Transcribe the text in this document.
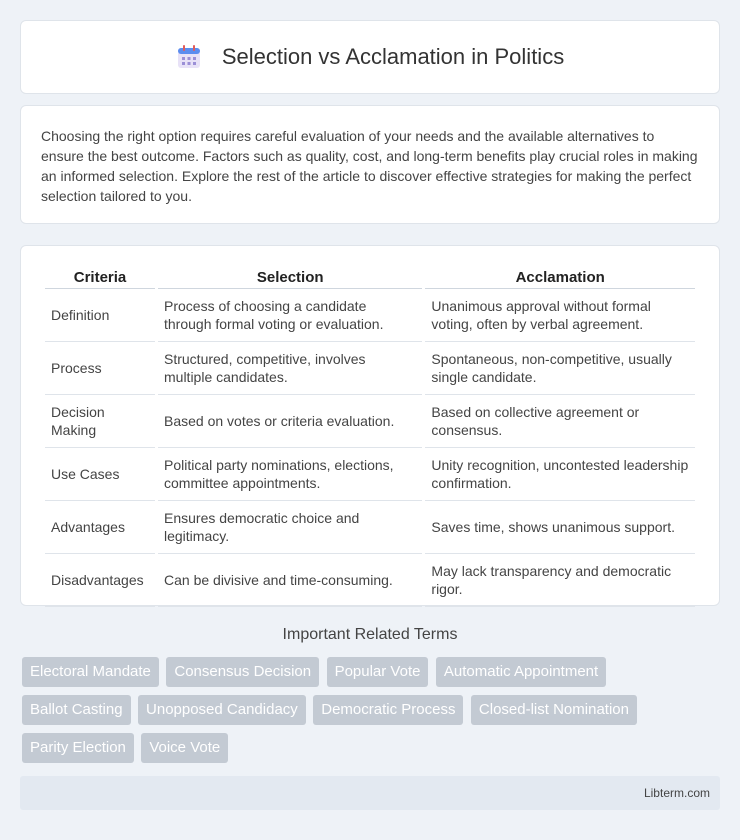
Selection vs Acclamation in Politics

Choosing the right option requires careful evaluation of your needs and the available alternatives to ensure the best outcome. Factors such as quality, cost, and long-term benefits play crucial roles in making an informed selection. Explore the rest of the article to discover effective strategies for making the perfect selection tailored to you.

Criteria	Selection	Acclamation
Definition	Process of choosing a candidate through formal voting or evaluation.	Unanimous approval without formal voting, often by verbal agreement.
Process	Structured, competitive, involves multiple candidates.	Spontaneous, non-competitive, usually single candidate.
Decision Making	Based on votes or criteria evaluation.	Based on collective agreement or consensus.
Use Cases	Political party nominations, elections, committee appointments.	Unity recognition, uncontested leadership confirmation.
Advantages	Ensures democratic choice and legitimacy.	Saves time, shows unanimous support.
Disadvantages	Can be divisive and time-consuming.	May lack transparency and democratic rigor.
Important Related Terms
Electoral Mandate Consensus Decision Popular Vote Automatic Appointment Ballot Casting Unopposed Candidacy Democratic Process Closed-list Nomination Parity Election Voice Vote
Libterm.com
